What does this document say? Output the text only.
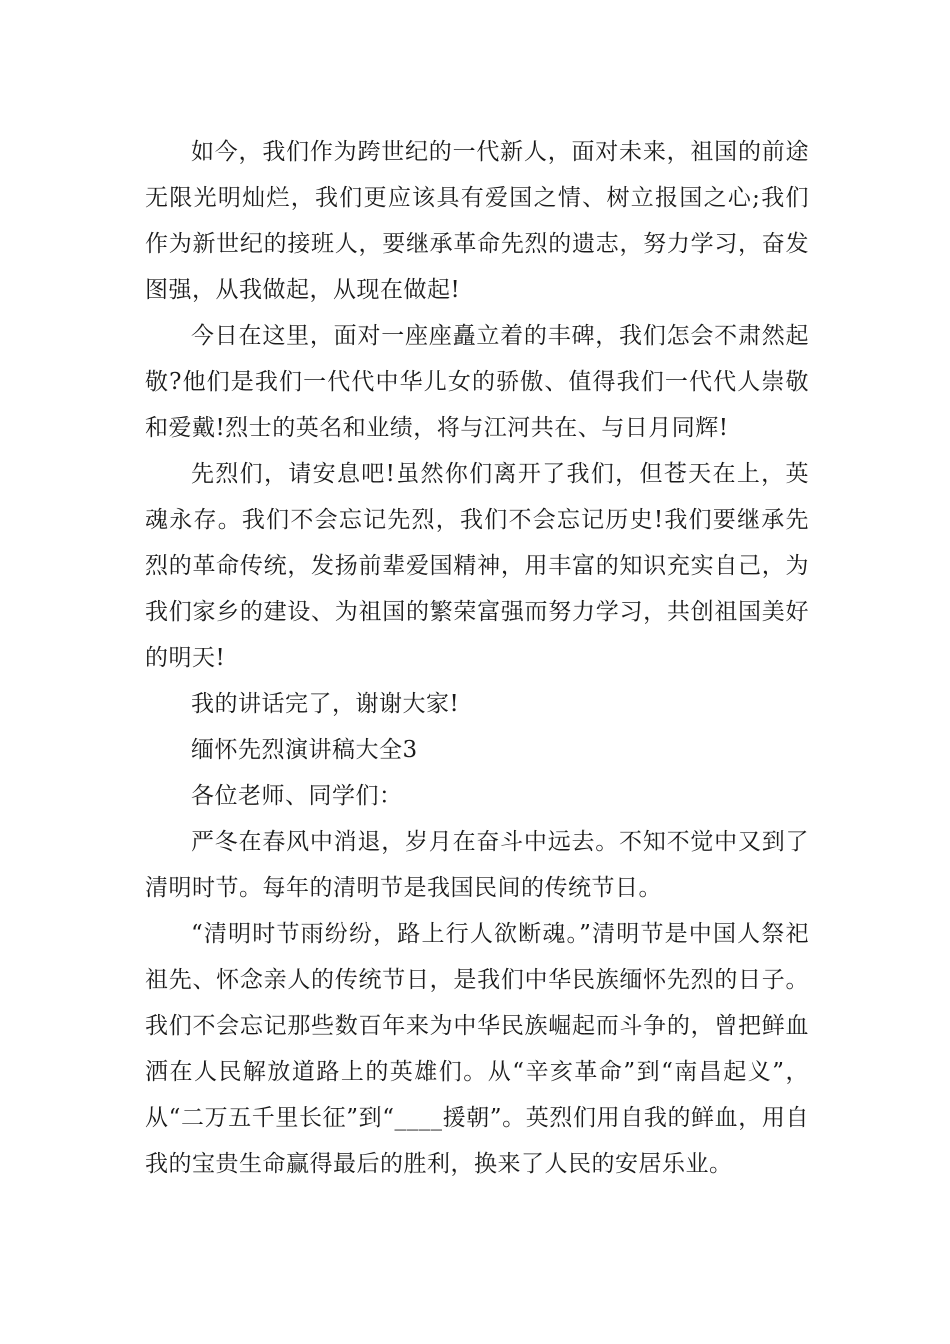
如今，我们作为跨世纪的一代新人，面对未来，祖国的前途无限光明灿烂，我们更应该具有爱国之情、树立报国之心;我们作为新世纪的接班人，要继承革命先烈的遗志，努力学习，奋发图强，从我做起，从现在做起!

今日在这里，面对一座座矗立着的丰碑，我们怎会不肃然起敬?他们是我们一代代中华儿女的骄傲、值得我们一代代人崇敬和爱戴!烈士的英名和业绩，将与江河共在、与日月同辉!

先烈们，请安息吧!虽然你们离开了我们，但苍天在上，英魂永存。我们不会忘记先烈，我们不会忘记历史!我们要继承先烈的革命传统，发扬前辈爱国精神，用丰富的知识充实自己，为我们家乡的建设、为祖国的繁荣富强而努力学习，共创祖国美好的明天!

我的讲话完了，谢谢大家!

缅怀先烈演讲稿大全3

各位老师、同学们：

严冬在春风中消退，岁月在奋斗中远去。不知不觉中又到了清明时节。每年的清明节是我国民间的传统节日。

“清明时节雨纷纷，路上行人欲断魂。”清明节是中国人祭祀祖先、怀念亲人的传统节日，是我们中华民族缅怀先烈的日子。我们不会忘记那些数百年来为中华民族崛起而斗争的，曾把鲜血洒在人民解放道路上的英雄们。从“辛亥革命”到“南昌起义”，从“二万五千里长征”到“____援朝”。英烈们用自我的鲜血，用自我的宝贵生命赢得最后的胜利，换来了人民的安居乐业。
